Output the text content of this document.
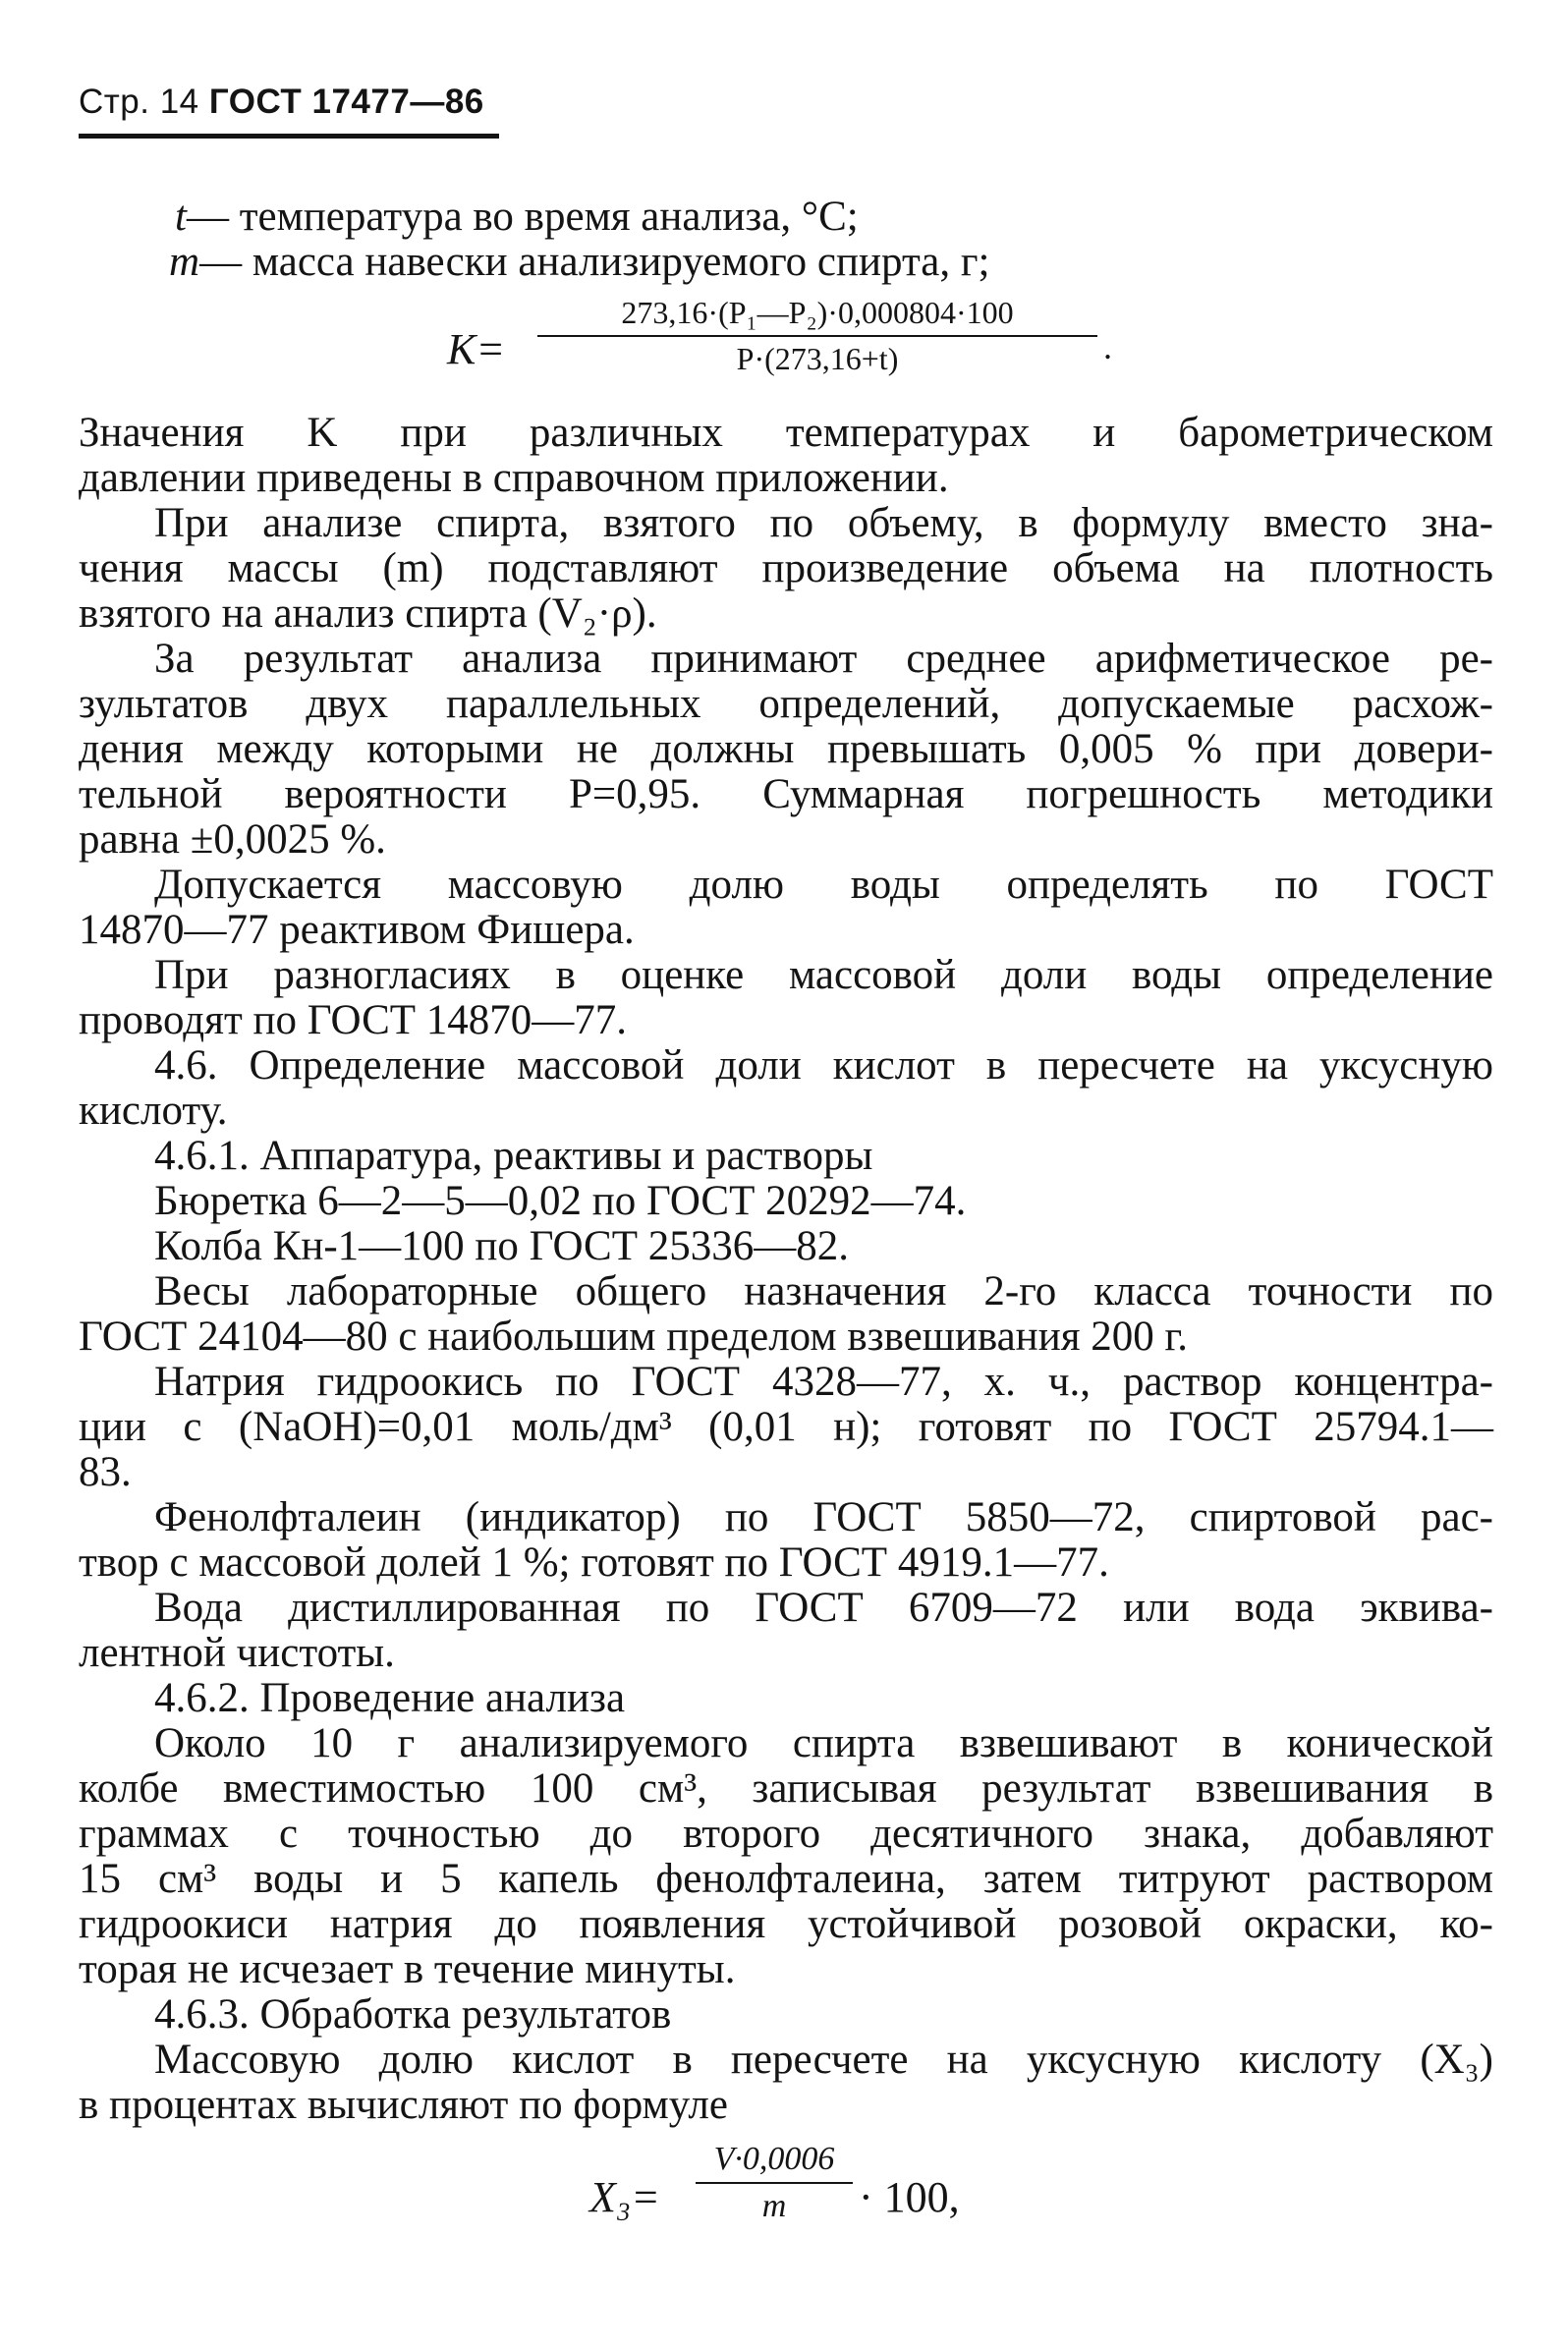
Стр. 14 ГОСТ 17477—86
t— температура во время анализа, °С;
m— масса навески анализируемого спирта, г;
K=
273,16·(P₁—P₂)·0,000804·100
P·(273,16+t)	.
Значения K при различных температурах и барометрическом
давлении приведены в справочном приложении.
При анализе спирта, взятого по объему, в формулу вместо зна-
чения массы (m) подставляют произведение объема на плотность
взятого на анализ спирта (V₂·ρ).
За результат анализа принимают среднее арифметическое ре-
зультатов двух параллельных определений, допускаемые расхож-
дения между которыми не должны превышать 0,005 % при довери-
тельной вероятности P=0,95. Суммарная погрешность методики
равна ±0,0025 %.
Допускается массовую долю воды определять по ГОСТ
14870—77 реактивом Фишера.
При разногласиях в оценке массовой доли воды определение
проводят по ГОСТ 14870—77.
4.6. Определение массовой доли кислот в пересчете на уксусную
кислоту.
4.6.1. Аппаратура, реактивы и растворы
Бюретка 6—2—5—0,02 по ГОСТ 20292—74.
Колба Кн-1—100 по ГОСТ 25336—82.
Весы лабораторные общего назначения 2-го класса точности по
ГОСТ 24104—80 с наибольшим пределом взвешивания 200 г.
Натрия гидроокись по ГОСТ 4328—77, х. ч., раствор концентра-
ции c (NaOH)=0,01 моль/дм³ (0,01 н); готовят по ГОСТ 25794.1—
83.
Фенолфталеин (индикатор) по ГОСТ 5850—72, спиртовой рас-
твор с массовой долей 1 %; готовят по ГОСТ 4919.1—77.
Вода дистиллированная по ГОСТ 6709—72 или вода эквива-
лентной чистоты.
4.6.2. Проведение анализа
Около 10 г анализируемого спирта взвешивают в конической
колбе вместимостью 100 см³, записывая результат взвешивания в
граммах с точностью до второго десятичного знака, добавляют
15 см³ воды и 5 капель фенолфталеина, затем титруют раствором
гидроокиси натрия до появления устойчивой розовой окраски, ко-
торая не исчезает в течение минуты.
4.6.3. Обработка результатов
Массовую долю кислот в пересчете на уксусную кислоту (X₃)
в процентах вычисляют по формуле
X₃=
V·0,0006
m	· 100,
